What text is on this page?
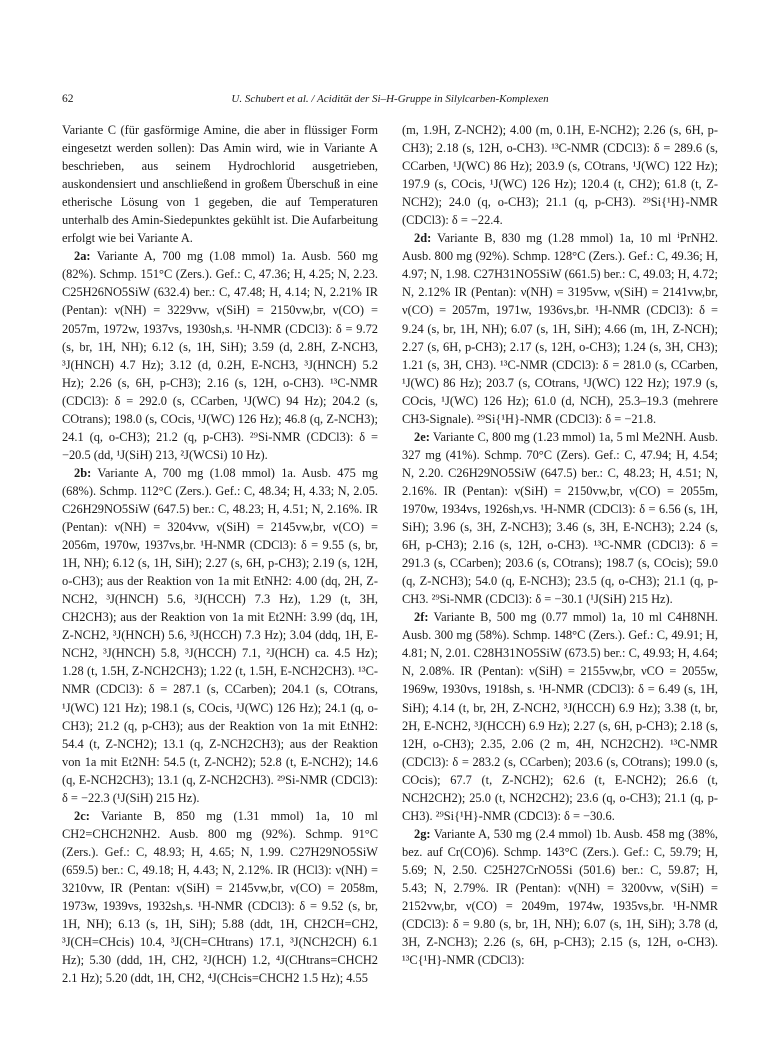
62	U. Schubert et al. / Acidität der Si–H-Gruppe in Silylcarben-Komplexen

Variante C (für gasförmige Amine, die aber in flüssiger Form eingesetzt werden sollen): Das Amin wird, wie in Variante A beschrieben, aus seinem Hydrochlorid ausgetrieben, auskondensiert und anschließend in großem Überschuß in eine etherische Lösung von 1 gegeben, die auf Temperaturen unterhalb des Amin-Siedepunktes gekühlt ist. Die Aufarbeitung erfolgt wie bei Variante A.

2a: Variante A, 700 mg (1.08 mmol) 1a. Ausb. 560 mg (82%). Schmp. 151°C (Zers.). Gef.: C, 47.36; H, 4.25; N, 2.23. C25H26NO5SiW (632.4) ber.: C, 47.48; H, 4.14; N, 2.21% IR (Pentan): ν(NH) = 3229vw, ν(SiH) = 2150vw,br, ν(CO) = 2057m, 1972w, 1937vs, 1930sh,s. ¹H-NMR (CDCl3): δ = 9.72 (s, br, 1H, NH); 6.12 (s, 1H, SiH); 3.59 (d, 2.8H, Z-NCH3, ³J(HNCH) 4.7 Hz); 3.12 (d, 0.2H, E-NCH3, ³J(HNCH) 5.2 Hz); 2.26 (s, 6H, p-CH3); 2.16 (s, 12H, o-CH3). ¹³C-NMR (CDCl3): δ = 292.0 (s, CCarben, ¹J(WC) 94 Hz); 204.2 (s, COtrans); 198.0 (s, COcis, ¹J(WC) 126 Hz); 46.8 (q, Z-NCH3); 24.1 (q, o-CH3); 21.2 (q, p-CH3). ²⁹Si-NMR (CDCl3): δ = −20.5 (dd, ¹J(SiH) 213, ²J(WCSi) 10 Hz).

2b: Variante A, 700 mg (1.08 mmol) 1a. Ausb. 475 mg (68%). Schmp. 112°C (Zers.). Gef.: C, 48.34; H, 4.33; N, 2.05. C26H29NO5SiW (647.5) ber.: C, 48.23; H, 4.51; N, 2.16%. IR (Pentan): ν(NH) = 3204vw, ν(SiH) = 2145vw,br, ν(CO) = 2056m, 1970w, 1937vs,br. ¹H-NMR (CDCl3): δ = 9.55 (s, br, 1H, NH); 6.12 (s, 1H, SiH); 2.27 (s, 6H, p-CH3); 2.19 (s, 12H, o-CH3); aus der Reaktion von 1a mit EtNH2: 4.00 (dq, 2H, Z-NCH2, ³J(HNCH) 5.6, ³J(HCCH) 7.3 Hz), 1.29 (t, 3H, CH2CH3); aus der Reaktion von 1a mit Et2NH: 3.99 (dq, 1H, Z-NCH2, ³J(HNCH) 5.6, ³J(HCCH) 7.3 Hz); 3.04 (ddq, 1H, E-NCH2, ³J(HNCH) 5.8, ³J(HCCH) 7.1, ²J(HCH) ca. 4.5 Hz); 1.28 (t, 1.5H, Z-NCH2CH3); 1.22 (t, 1.5H, E-NCH2CH3). ¹³C-NMR (CDCl3): δ = 287.1 (s, CCarben); 204.1 (s, COtrans, ¹J(WC) 121 Hz); 198.1 (s, COcis, ¹J(WC) 126 Hz); 24.1 (q, o-CH3); 21.2 (q, p-CH3); aus der Reaktion von 1a mit EtNH2: 54.4 (t, Z-NCH2); 13.1 (q, Z-NCH2CH3); aus der Reaktion von 1a mit Et2NH: 54.5 (t, Z-NCH2); 52.8 (t, E-NCH2); 14.6 (q, E-NCH2CH3); 13.1 (q, Z-NCH2CH3). ²⁹Si-NMR (CDCl3): δ = −22.3 (¹J(SiH) 215 Hz).

2c: Variante B, 850 mg (1.31 mmol) 1a, 10 ml CH2=CHCH2NH2. Ausb. 800 mg (92%). Schmp. 91°C (Zers.). Gef.: C, 48.93; H, 4.65; N, 1.99. C27H29NO5SiW (659.5) ber.: C, 49.18; H, 4.43; N, 2.12%. IR (HCl3): ν(NH) = 3210vw, IR (Pentan: ν(SiH) = 2145vw,br, ν(CO) = 2058m, 1973w, 1939vs, 1932sh,s. ¹H-NMR (CDCl3): δ = 9.52 (s, br, 1H, NH); 6.13 (s, 1H, SiH); 5.88 (ddt, 1H, CH2CH=CH2, ³J(CH=CHcis) 10.4, ³J(CH=CHtrans) 17.1, ³J(NCH2CH) 6.1 Hz); 5.30 (ddd, 1H, CH2, ²J(HCH) 1.2, ⁴J(CHtrans=CHCH2 2.1 Hz); 5.20 (ddt, 1H, CH2, ⁴J(CHcis=CHCH2 1.5 Hz); 4.55

(m, 1.9H, Z-NCH2); 4.00 (m, 0.1H, E-NCH2); 2.26 (s, 6H, p-CH3); 2.18 (s, 12H, o-CH3). ¹³C-NMR (CDCl3): δ = 289.6 (s, CCarben, ¹J(WC) 86 Hz); 203.9 (s, COtrans, ¹J(WC) 122 Hz); 197.9 (s, COcis, ¹J(WC) 126 Hz); 120.4 (t, CH2); 61.8 (t, Z-NCH2); 24.0 (q, o-CH3); 21.1 (q, p-CH3). ²⁹Si{¹H}-NMR (CDCl3): δ = −22.4.

2d: Variante B, 830 mg (1.28 mmol) 1a, 10 ml ⁱPrNH2. Ausb. 800 mg (92%). Schmp. 128°C (Zers.). Gef.: C, 49.36; H, 4.97; N, 1.98. C27H31NO5SiW (661.5) ber.: C, 49.03; H, 4.72; N, 2.12% IR (Pentan): ν(NH) = 3195vw, ν(SiH) = 2141vw,br, ν(CO) = 2057m, 1971w, 1936vs,br. ¹H-NMR (CDCl3): δ = 9.24 (s, br, 1H, NH); 6.07 (s, 1H, SiH); 4.66 (m, 1H, Z-NCH); 2.27 (s, 6H, p-CH3); 2.17 (s, 12H, o-CH3); 1.24 (s, 3H, CH3); 1.21 (s, 3H, CH3). ¹³C-NMR (CDCl3): δ = 281.0 (s, CCarben, ¹J(WC) 86 Hz); 203.7 (s, COtrans, ¹J(WC) 122 Hz); 197.9 (s, COcis, ¹J(WC) 126 Hz); 61.0 (d, NCH), 25.3–19.3 (mehrere CH3-Signale). ²⁹Si{¹H}-NMR (CDCl3): δ = −21.8.

2e: Variante C, 800 mg (1.23 mmol) 1a, 5 ml Me2NH. Ausb. 327 mg (41%). Schmp. 70°C (Zers). Gef.: C, 47.94; H, 4.54; N, 2.20. C26H29NO5SiW (647.5) ber.: C, 48.23; H, 4.51; N, 2.16%. IR (Pentan): ν(SiH) = 2150vw,br, ν(CO) = 2055m, 1970w, 1934vs, 1926sh,vs. ¹H-NMR (CDCl3): δ = 6.56 (s, 1H, SiH); 3.96 (s, 3H, Z-NCH3); 3.46 (s, 3H, E-NCH3); 2.24 (s, 6H, p-CH3); 2.16 (s, 12H, o-CH3). ¹³C-NMR (CDCl3): δ = 291.3 (s, CCarben); 203.6 (s, COtrans); 198.7 (s, COcis); 59.0 (q, Z-NCH3); 54.0 (q, E-NCH3); 23.5 (q, o-CH3); 21.1 (q, p-CH3. ²⁹Si-NMR (CDCl3): δ = −30.1 (¹J(SiH) 215 Hz).

2f: Variante B, 500 mg (0.77 mmol) 1a, 10 ml C4H8NH. Ausb. 300 mg (58%). Schmp. 148°C (Zers.). Gef.: C, 49.91; H, 4.81; N, 2.01. C28H31NO5SiW (673.5) ber.: C, 49.93; H, 4.64; N, 2.08%. IR (Pentan): ν(SiH) = 2155vw,br, νCO = 2055w, 1969w, 1930vs, 1918sh, s. ¹H-NMR (CDCl3): δ = 6.49 (s, 1H, SiH); 4.14 (t, br, 2H, Z-NCH2, ³J(HCCH) 6.9 Hz); 3.38 (t, br, 2H, E-NCH2, ³J(HCCH) 6.9 Hz); 2.27 (s, 6H, p-CH3); 2.18 (s, 12H, o-CH3); 2.35, 2.06 (2 m, 4H, NCH2CH2). ¹³C-NMR (CDCl3): δ = 283.2 (s, CCarben); 203.6 (s, COtrans); 199.0 (s, COcis); 67.7 (t, Z-NCH2); 62.6 (t, E-NCH2); 26.6 (t, NCH2CH2); 25.0 (t, NCH2CH2); 23.6 (q, o-CH3); 21.1 (q, p-CH3). ²⁹Si{¹H}-NMR (CDCl3): δ = −30.6.

2g: Variante A, 530 mg (2.4 mmol) 1b. Ausb. 458 mg (38%, bez. auf Cr(CO)6). Schmp. 143°C (Zers.). Gef.: C, 59.79; H, 5.69; N, 2.50. C25H27CrNO5Si (501.6) ber.: C, 59.87; H, 5.43; N, 2.79%. IR (Pentan): ν(NH) = 3200vw, ν(SiH) = 2152vw,br, ν(CO) = 2049m, 1974w, 1935vs,br. ¹H-NMR (CDCl3): δ = 9.80 (s, br, 1H, NH); 6.07 (s, 1H, SiH); 3.78 (d, 3H, Z-NCH3); 2.26 (s, 6H, p-CH3); 2.15 (s, 12H, o-CH3). ¹³C{¹H}-NMR (CDCl3):
